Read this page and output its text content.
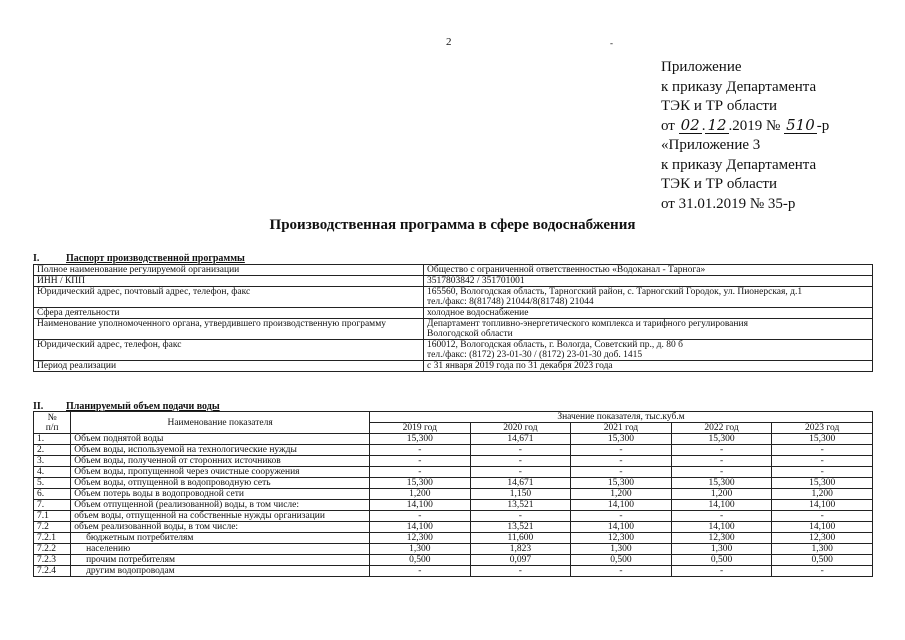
2	-
Приложение
к приказу Департамента
ТЭК и ТР области
от 02 . 12 .2019 № 510 -р
«Приложение 3
к приказу Департамента
ТЭК и ТР области
от 31.01.2019 № 35-р
Производственная программа в сфере водоснабжения
I.	Паспорт производственной программы
Полное наименование регулируемой организации	Общество с ограниченной ответственностью «Водоканал - Тарнога»

ИНН / КПП	3517803842 / 351701001

Юридический адрес, почтовый адрес, телефон, факс	165560, Вологодская область, Тарногский район, с. Тарногский Городок, ул. Пионерская, д.1
тел./факс: 8(81748) 21044/8(81748) 21044

Сфера деятельности	холодное водоснабжение

Наименование уполномоченного органа, утвердившего производственную программу	Департамент топливно-энергетического комплекса и тарифного регулирования
Вологодской области

Юридический адрес, телефон, факс	160012, Вологодская область, г. Вологда, Советский пр., д. 80 б
тел./факс: (8172) 23-01-30 / (8172) 23-01-30 доб. 1415

Период реализации	с 31 января 2019 года по 31 декабря 2023 года
II. Планируемый объем подачи воды
№
п/п	Наименование показателя	Значение показателя, тыс.куб.м				
		2019 год	2020 год	2021 год	2022 год	2023 год
1.	Объем поднятой воды	15,300	14,671	15,300	15,300	15,300
2.	Объем воды, используемой на технологические нужды	-	-	-	-	-
3.	Объем воды, полученной от сторонних источников	-	-	-	-	-
4.	Объем воды, пропущенной через очистные сооружения	-	-	-	-	-
5.	Объем воды, отпущенной в водопроводную сеть	15,300	14,671	15,300	15,300	15,300
6.	Объем потерь воды в водопроводной сети	1,200	1,150	1,200	1,200	1,200
7.	Объем отпущенной (реализованной) воды, в том числе:	14,100	13,521	14,100	14,100	14,100
7.1	объем воды, отпущенной на собственные нужды организации	-	-	-	-	-
7.2	объем реализованной воды, в том числе:	14,100	13,521	14,100	14,100	14,100
7.2.1	бюджетным потребителям	12,300	11,600	12,300	12,300	12,300
7.2.2	населению	1,300	1,823	1,300	1,300	1,300
7.2.3	прочим потребителям	0,500	0,097	0,500	0,500	0,500
7.2.4	другим водопроводам	-	-	-	-	-
